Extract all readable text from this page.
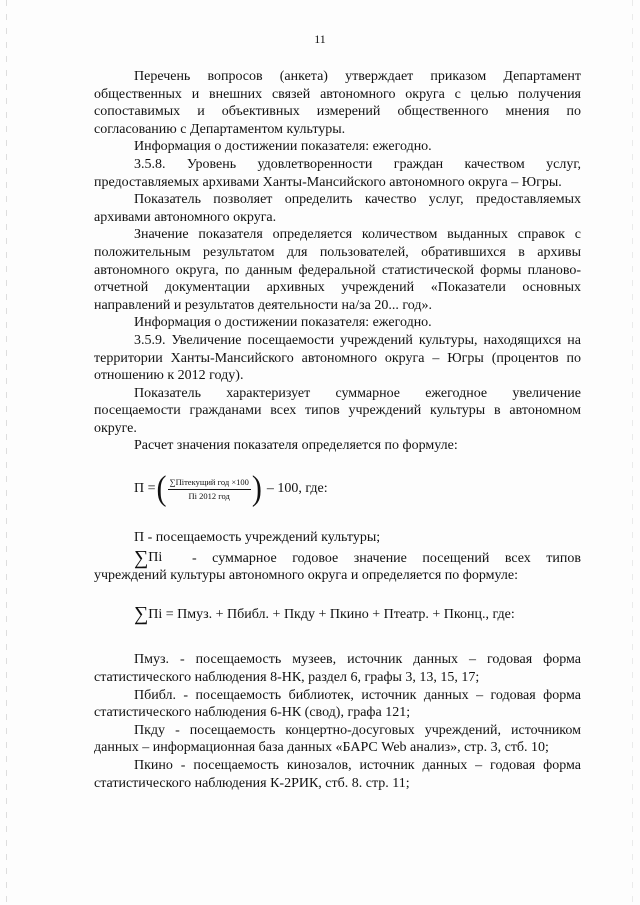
11

Перечень вопросов (анкета) утверждает приказом Департамент общественных и внешних связей автономного округа с целью получения сопоставимых и объективных измерений общественного мнения по согласованию с Департаментом культуры.

Информация о достижении показателя: ежегодно.

3.5.8. Уровень удовлетворенности граждан качеством услуг, предоставляемых архивами Ханты-Мансийского автономного округа – Югры.

Показатель позволяет определить качество услуг, предоставляемых архивами автономного округа.

Значение показателя определяется количеством выданных справок с положительным результатом для пользователей, обратившихся в архивы автономного округа, по данным федеральной статистической формы планово-отчетной документации архивных учреждений «Показатели основных направлений и результатов деятельности на/за 20... год».

Информация о достижении показателя: ежегодно.

3.5.9. Увеличение посещаемости учреждений культуры, находящихся на территории Ханты-Мансийского автономного округа – Югры (процентов по отношению к 2012 году).

Показатель характеризует суммарное ежегодное увеличение посещаемости гражданами всех типов учреждений культуры в автономном округе.

Расчет значения показателя определяется по формуле:

П = ( $\frac{\text{∑Пiтекущий год ×100}}{\text{Пi 2012 год}}$ ) – 100, где:

П - посещаемость учреждений культуры;

∑ Пi	- суммарное годовое значение посещений всех типов учреждений культуры автономного округа и определяется по формуле:

∑Пi = Пмуз. + Пбибл. + Пкду + Пкино + Птеатр. + Пконц., где:

Пмуз. - посещаемость музеев, источник данных – годовая форма статистического наблюдения 8-НК, раздел 6, графы 3, 13, 15, 17;

Пбибл. - посещаемость библиотек, источник данных – годовая форма статистического наблюдения 6-НК (свод), графа 121;

Пкду - посещаемость концертно-досуговых учреждений, источником данных – информационная база данных «БАРС Web анализ», стр. 3, стб. 10;

Пкино - посещаемость кинозалов, источник данных – годовая форма статистического наблюдения К-2РИК, стб. 8. стр. 11;
